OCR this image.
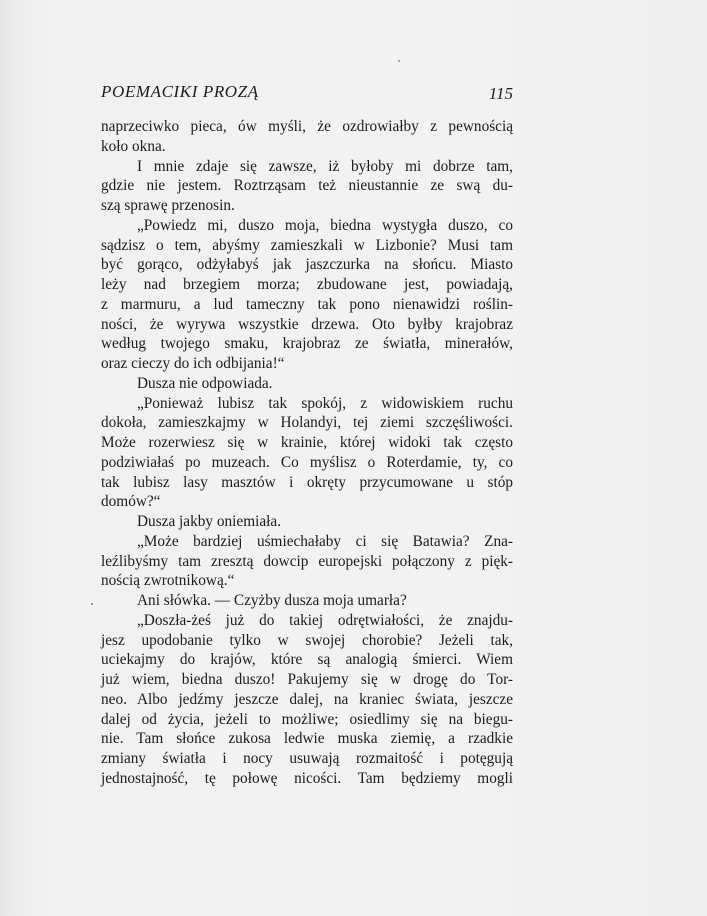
POEMACIKI PROZĄ	115
naprzeciwko pieca, ów myśli, że ozdrowiałby z pewnością
koło okna.
I mnie zdaje się zawsze, iż byłoby mi dobrze tam,
gdzie nie jestem. Roztrząsam też nieustannie ze swą du-
szą sprawę przenosin.
„Powiedz mi, duszo moja, biedna wystygła duszo, co
sądzisz o tem, abyśmy zamieszkali w Lizbonie? Musi tam
być gorąco, odżyłabyś jak jaszczurka na słońcu. Miasto
leży nad brzegiem morza; zbudowane jest, powiadają,
z marmuru, a lud tameczny tak pono nienawidzi roślin-
ności, że wyrywa wszystkie drzewa. Oto byłby krajobraz
według twojego smaku, krajobraz ze światła, minerałów,
oraz cieczy do ich odbijania!“
Dusza nie odpowiada.
„Ponieważ lubisz tak spokój, z widowiskiem ruchu
dokoła, zamieszkajmy w Holandyi, tej ziemi szczęśliwości.
Może rozerwiesz się w krainie, której widoki tak często
podziwiałaś po muzeach. Co myślisz o Roterdamie, ty, co
tak lubisz lasy masztów i okręty przycumowane u stóp
domów?“
Dusza jakby oniemiała.
„Może bardziej uśmiechałaby ci się Batawia? Zna-
leźlibyśmy tam zresztą dowcip europejski połączony z pięk-
nością zwrotnikową.“
Ani słówka. — Czyżby dusza moja umarła?
„Doszła-żeś już do takiej odrętwiałości, że znajdu-
jesz upodobanie tylko w swojej chorobie? Jeżeli tak,
uciekajmy do krajów, które są analogią śmierci. Wiem
już wiem, biedna duszo! Pakujemy się w drogę do Tor-
neo. Albo jedźmy jeszcze dalej, na kraniec świata, jeszcze
dalej od życia, jeżeli to możliwe; osiedlimy się na biegu-
nie. Tam słońce zukosa ledwie muska ziemię, a rzadkie
zmiany światła i nocy usuwają rozmaitość i potęgują
jednostajność, tę połowę nicości. Tam będziemy mogli
